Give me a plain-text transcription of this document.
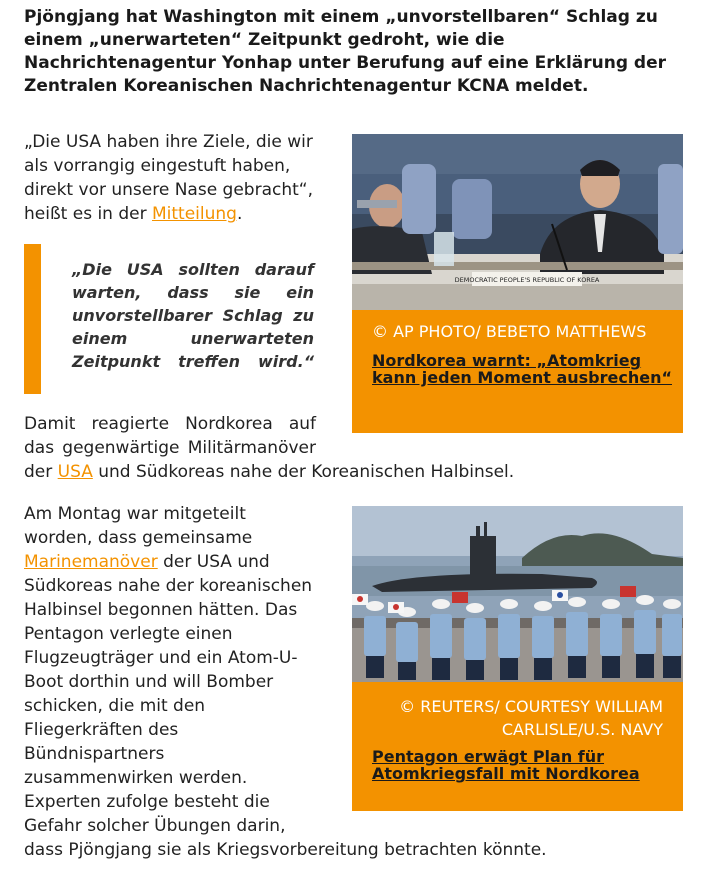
Pjöngjang hat Washington mit einem „unvorstellbaren“ Schlag zu einem „unerwarteten“ Zeitpunkt gedroht, wie die Nachrichtenagentur Yonhap unter Berufung auf eine Erklärung der Zentralen Koreanischen Nachrichtenagentur KCNA meldet.
„Die USA haben ihre Ziele, die wir als vorrangig eingestuft haben, direkt vor unsere Nase gebracht“, heißt es in der Mitteilung.
„Die USA sollten darauf warten, dass sie ein unvorstellbarer Schlag zu einem unerwarteten Zeitpunkt treffen wird.“
Damit reagierte Nordkorea auf das gegenwärtige Militärmanöver
der USA und Südkoreas nahe der Koreanischen Halbinsel.
Am Montag war mitgeteilt worden, dass gemeinsame Marinemanöver der USA und Südkoreas nahe der koreanischen Halbinsel begonnen hätten. Das Pentagon verlegte einen Flugzeugträger und ein Atom-U-Boot dorthin und will Bomber schicken, die mit den Fliegerkräften des Bündnispartners zusammenwirken werden. Experten zufolge besteht die Gefahr solcher Übungen darin,
dass Pjöngjang sie als Kriegsvorbereitung betrachten könnte.
DEMOCRATIC PEOPLE'S REPUBLIC OF KOREA
© AP PHOTO/ BEBETO MATTHEWS
Nordkorea warnt: „Atomkrieg kann jeden Moment ausbrechen“
© REUTERS/ COURTESY WILLIAM CARLISLE/U.S. NAVY
Pentagon erwägt Plan für Atomkriegsfall mit Nordkorea
